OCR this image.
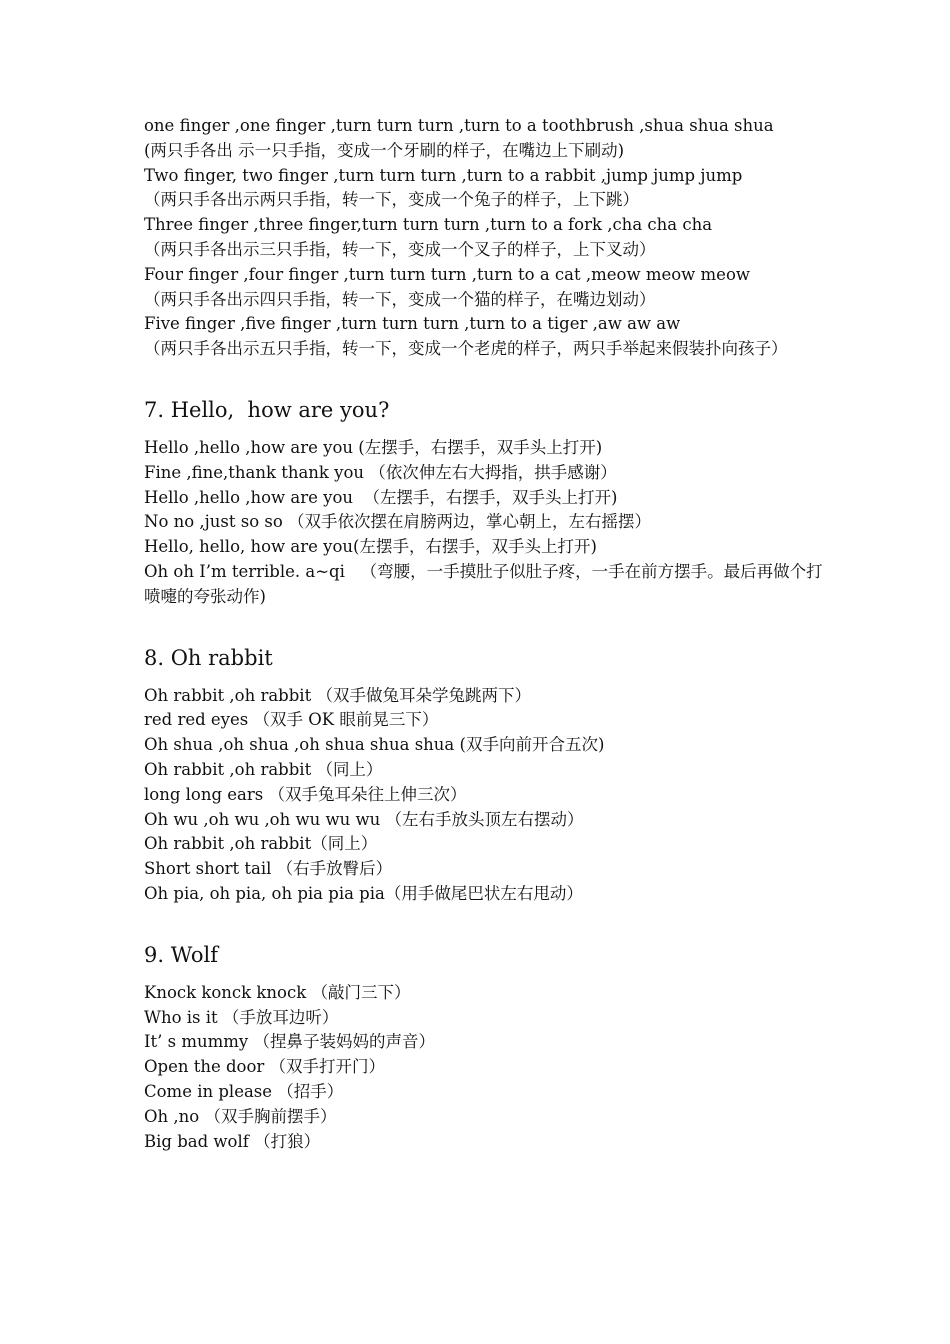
one finger ,one finger ,turn turn turn ,turn to a toothbrush ,shua shua shua

(两只手各出 示一只手指，变成一个牙刷的样子，在嘴边上下刷动)

Two finger, two finger ,turn turn turn ,turn to a rabbit ,jump jump jump

（两只手各出示两只手指，转一下，变成一个兔子的样子，上下跳）

Three finger ,three finger,turn turn turn ,turn to a fork ,cha cha cha

（两只手各出示三只手指，转一下，变成一个叉子的样子，上下叉动）

Four finger ,four finger ,turn turn turn ,turn to a cat ,meow meow meow

（两只手各出示四只手指，转一下，变成一个猫的样子，在嘴边划动）

Five finger ,five finger ,turn turn turn ,turn to a tiger ,aw aw aw

（两只手各出示五只手指，转一下，变成一个老虎的样子，两只手举起来假装扑向孩子）

7. Hello,  how are you?

Hello ,hello ,how are you (左摆手，右摆手，双手头上打开)

Fine ,fine,thank thank you （依次伸左右大拇指，拱手感谢）

Hello ,hello ,how are you  （左摆手，右摆手，双手头上打开)

No no ,just so so （双手依次摆在肩膀两边，掌心朝上，左右摇摆）

Hello, hello, how are you(左摆手，右摆手，双手头上打开)

Oh oh I’m terrible. a~qi   （弯腰，一手摸肚子似肚子疼，一手在前方摆手。最后再做个打喷嚏的夸张动作)

8. Oh rabbit

Oh rabbit ,oh rabbit （双手做兔耳朵学兔跳两下）

red red eyes （双手 OK 眼前晃三下）

Oh shua ,oh shua ,oh shua shua shua (双手向前开合五次)

Oh rabbit ,oh rabbit （同上）

long long ears （双手兔耳朵往上伸三次）

Oh wu ,oh wu ,oh wu wu wu （左右手放头顶左右摆动）

Oh rabbit ,oh rabbit（同上）

Short short tail （右手放臀后）

Oh pia, oh pia, oh pia pia pia（用手做尾巴状左右甩动）

9. Wolf

Knock konck knock （敲门三下）

Who is it （手放耳边听）

It’ s mummy （捏鼻子装妈妈的声音）

Open the door （双手打开门）

Come in please （招手）

Oh ,no （双手胸前摆手）

Big bad wolf （打狼）
